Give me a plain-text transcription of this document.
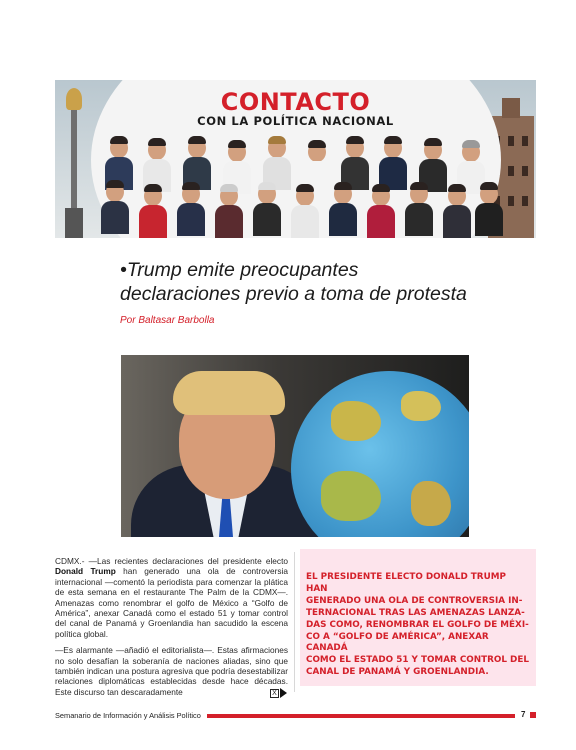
CONTACTO
CON LA POLÍTICA NACIONAL
•Trump emite preocupantes
declaraciones previo a toma de protesta
Por Baltasar Barbolla

CDMX.- —Las recientes declaraciones del presidente electo Donald Trump han generado una ola de controversia internacional —comentó la periodista para comenzar la plática de esta semana en el restaurante The Palm de la CDMX—. Amenazas como renombrar el golfo de México a “Golfo de América”, anexar Canadá como el estado 51 y tomar control del canal de Panamá y Groenlandia han sacudido la escena política global.

—Es alarmante —añadió el editorialista—. Estas afirmaciones no solo desafían la soberanía de naciones aliadas, sino que también indican una postura agresiva que podría desestabilizar relaciones diplomáticas establecidas desde hace décadas. Este discurso tan descaradamente	X
EL PRESIDENTE ELECTO DONALD TRUMP HAN
GENERADO UNA OLA DE CONTROVERSIA IN-
TERNACIONAL TRAS LAS AMENAZAS LANZA-
DAS COMO, RENOMBRAR EL GOLFO DE MÉXI-
CO A “GOLFO DE AMÉRICA”, ANEXAR CANADÁ
COMO EL ESTADO 51 Y TOMAR CONTROL DEL
CANAL DE PANAMÁ Y GROENLANDIA.
Semanario de Información y Análisis Político	7
